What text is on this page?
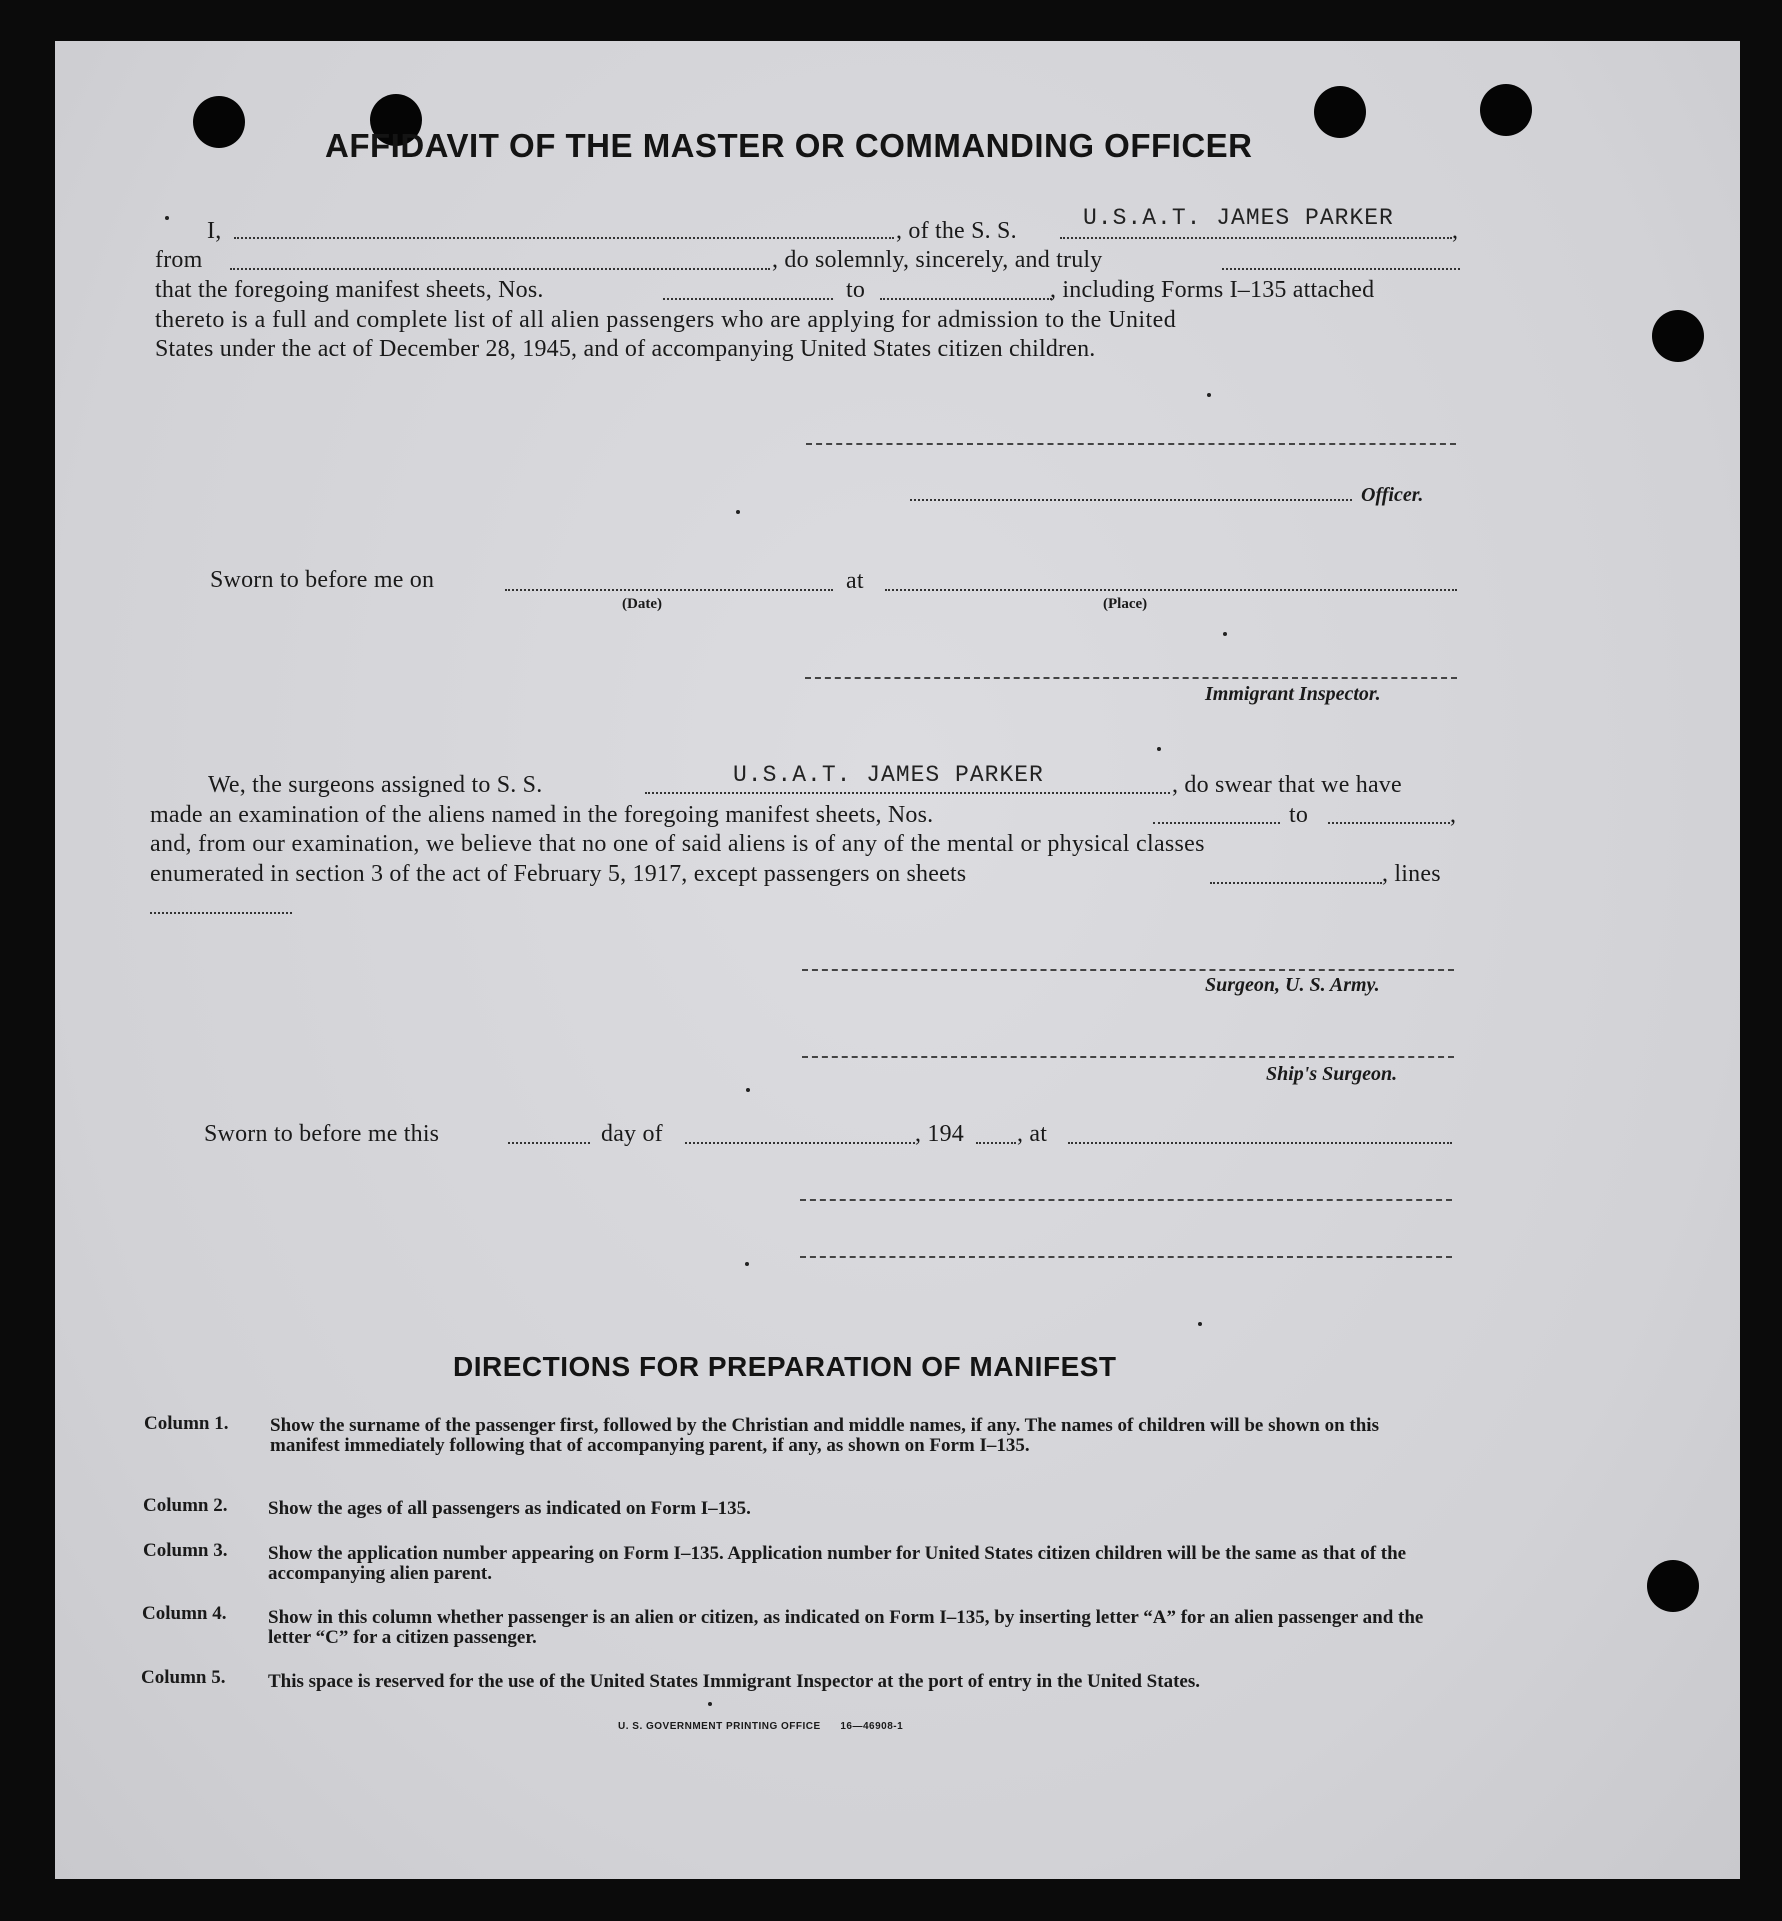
AFFIDAVIT OF THE MASTER OR COMMANDING OFFICER
I,	, of the S. S.	U.S.A.T. JAMES PARKER ,
from	, do solemnly, sincerely, and truly
that the foregoing manifest sheets, Nos.	to	, including Forms I–135 attached
thereto is a full and complete list of all alien passengers who are applying for admission to the United
States under the act of December 28, 1945, and of accompanying United States citizen children.
Officer.
Sworn to before me on
(Date)
at
(Place)
Immigrant Inspector.
We, the surgeons assigned to S. S.	U.S.A.T. JAMES PARKER	, do swear that we have
made an examination of the aliens named in the foregoing manifest sheets, Nos.	to	,
and, from our examination, we believe that no one of said aliens is of any of the mental or physical classes
enumerated in section 3 of the act of February 5, 1917, except passengers on sheets	, lines
Surgeon, U. S. Army.
Ship's Surgeon.
Sworn to before me this	day of	, 194 , at
DIRECTIONS FOR PREPARATION OF MANIFEST
Column 1. Show the surname of the passenger first, followed by the Christian and middle names, if any. The names of children will be shown on this manifest immediately following that of accompanying parent, if any, as shown on Form I–135.
Column 2. Show the ages of all passengers as indicated on Form I–135.
Column 3. Show the application number appearing on Form I–135. Application number for United States citizen children will be the same as that of the accompanying alien parent.
Column 4. Show in this column whether passenger is an alien or citizen, as indicated on Form I–135, by inserting letter “A” for an alien passenger and the letter “C” for a citizen passenger.
Column 5. This space is reserved for the use of the United States Immigrant Inspector at the port of entry in the United States.
U. S. GOVERNMENT PRINTING OFFICE      16—46908-1
